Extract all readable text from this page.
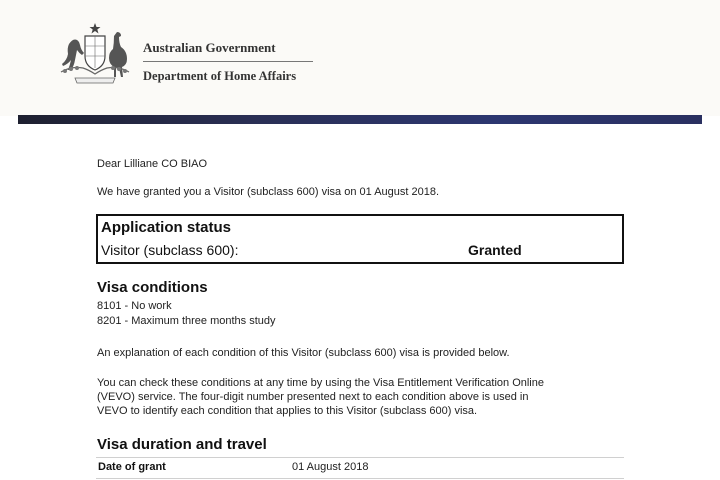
Australian Government
Department of Home Affairs
Dear Lilliane CO BIAO
We have granted you a Visitor (subclass 600) visa on 01 August 2018.
Application status
Visitor (subclass 600):	Granted
Visa conditions
8101 - No work
8201 - Maximum three months study
An explanation of each condition of this Visitor (subclass 600) visa is provided below.
You can check these conditions at any time by using the Visa Entitlement Verification Online
(VEVO) service. The four-digit number presented next to each condition above is used in
VEVO to identify each condition that applies to this Visitor (subclass 600) visa.
Visa duration and travel
Date of grant	01 August 2018
